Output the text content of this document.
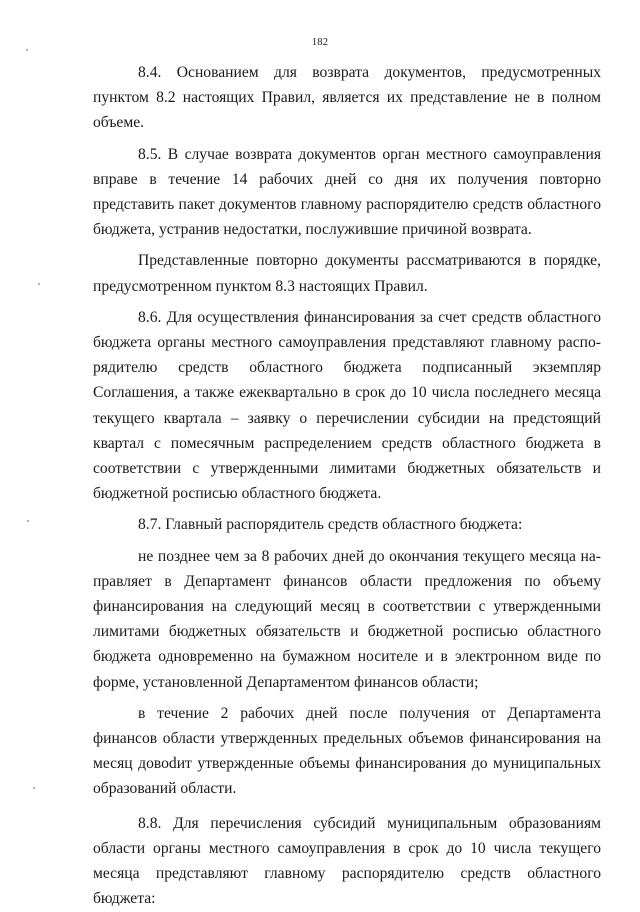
182

8.4. Основанием для возврата документов, предусмотренных пунктом 8.2 настоящих Правил, является их представление не в полном объеме.

8.5. В случае возврата документов орган местного самоуправления вправе в течение 14 рабочих дней со дня их получения повторно представить пакет документов главному распорядителю средств областного бюджета, устранив недостатки, послужившие причиной возврата.

Представленные повторно документы рассматриваются в порядке, предусмотренном пунктом 8.3 настоящих Правил.

8.6. Для осуществления финансирования за счет средств областного бюджета органы местного самоуправления представляют главному распорядителю средств областного бюджета подписанный экземпляр Соглашения, а также ежеквартально в срок до 10 числа последнего месяца текущего квартала – заявку о перечислении субсидии на предстоящий квартал с помесячным распределением средств областного бюджета в соответствии с утвержденными лимитами бюджетных обязательств и бюджетной росписью областного бюджета.

8.7. Главный распорядитель средств областного бюджета:

не позднее чем за 8 рабочих дней до окончания текущего месяца направляет в Департамент финансов области предложения по объему финансирования на следующий месяц в соответствии с утвержденными лимитами бюджетных обязательств и бюджетной росписью областного бюджета одновременно на бумажном носителе и в электронном виде по форме, установленной Департаментом финансов области;

в течение 2 рабочих дней после получения от Департамента финансов области утвержденных предельных объемов финансирования на месяц довоdит утвержденные объемы финансирования до муниципальных образований области.

8.8. Для перечисления субсидий муниципальным образованиям области органы местного самоуправления в срок до 10 числа текущего месяца представляют главному распорядителю средств областного бюджета:
